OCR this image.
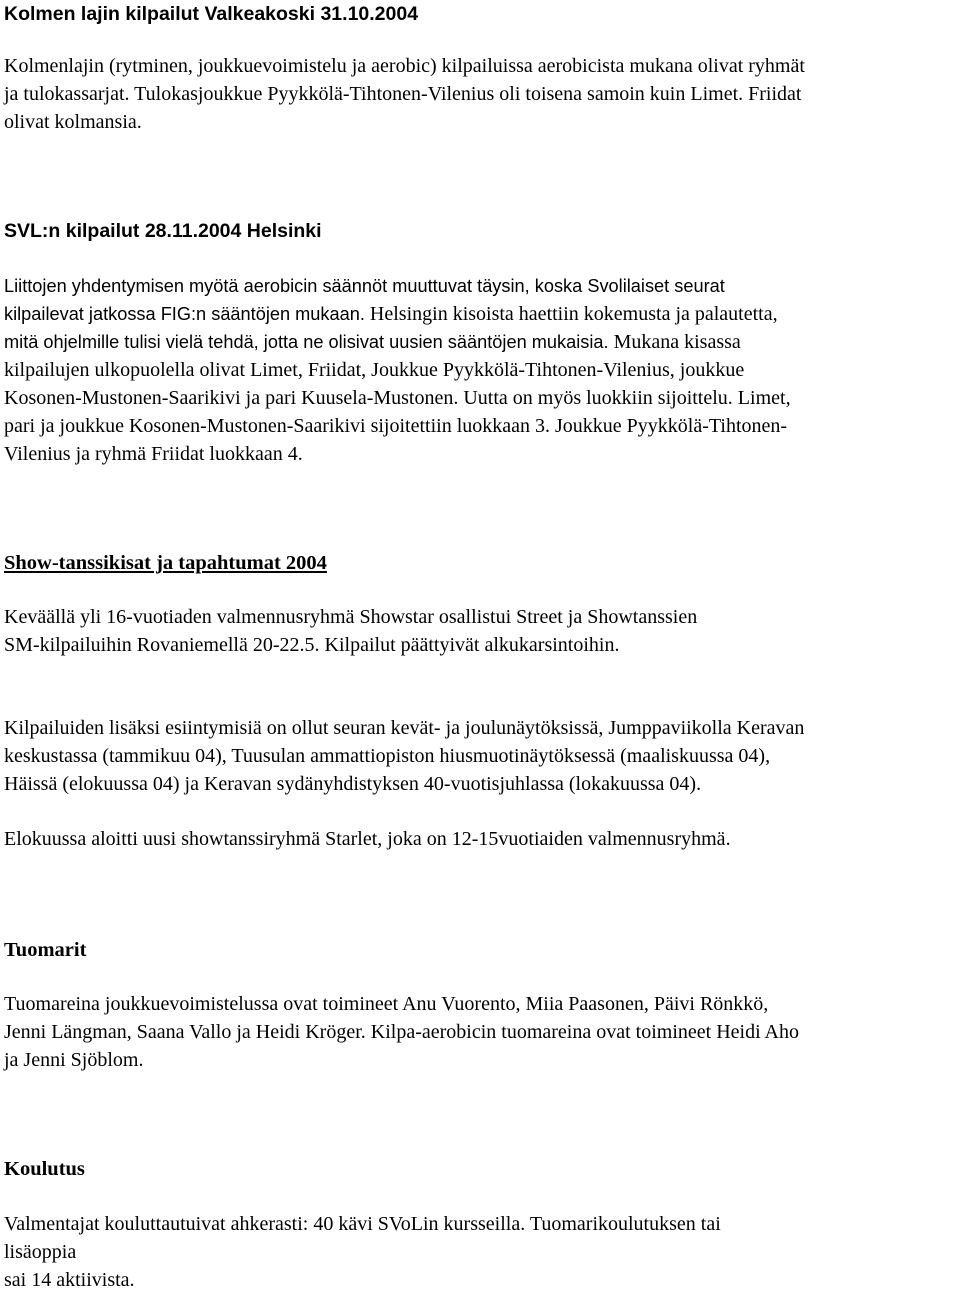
Kolmen lajin kilpailut Valkeakoski 31.10.2004
Kolmenlajin (rytminen, joukkuevoimistelu ja aerobic) kilpailuissa aerobicista mukana olivat ryhmät
ja tulokassarjat. Tulokasjoukkue Pyykkölä-Tihtonen-Vilenius oli toisena samoin kuin Limet. Friidat
olivat kolmansia.
SVL:n kilpailut 28.11.2004 Helsinki
Liittojen yhdentymisen myötä aerobicin säännöt muuttuvat täysin, koska Svolilaiset seurat
kilpailevat jatkossa FIG:n sääntöjen mukaan. Helsingin kisoista haettiin kokemusta ja palautetta,
mitä ohjelmille tulisi vielä tehdä, jotta ne olisivat uusien sääntöjen mukaisia. Mukana kisassa
kilpailujen ulkopuolella olivat Limet, Friidat, Joukkue Pyykkölä-Tihtonen-Vilenius, joukkue
Kosonen-Mustonen-Saarikivi ja pari Kuusela-Mustonen. Uutta on myös luokkiin sijoittelu. Limet,
pari ja joukkue Kosonen-Mustonen-Saarikivi sijoitettiin luokkaan 3. Joukkue Pyykkölä-Tihtonen-
Vilenius ja ryhmä Friidat luokkaan 4.
Show-tanssikisat ja tapahtumat 2004
Keväällä yli 16-vuotiaden valmennusryhmä Showstar osallistui Street ja Showtanssien
SM-kilpailuihin Rovaniemellä 20-22.5. Kilpailut päättyivät alkukarsintoihin.
Kilpailuiden lisäksi esiintymisiä on ollut seuran kevät- ja joulunäytöksissä, Jumppaviikolla Keravan
keskustassa (tammikuu 04), Tuusulan ammattiopiston hiusmuotinäytöksessä (maaliskuussa 04),
Häissä (elokuussa 04) ja Keravan sydänyhdistyksen 40-vuotisjuhlassa (lokakuussa 04).
Elokuussa aloitti uusi showtanssiryhmä Starlet, joka on 12-15vuotiaiden valmennusryhmä.
Tuomarit
Tuomareina joukkuevoimistelussa ovat toimineet Anu Vuorento, Miia Paasonen, Päivi Rönkkö,
Jenni Längman, Saana Vallo ja Heidi Kröger. Kilpa-aerobicin tuomareina ovat toimineet Heidi Aho
ja Jenni Sjöblom.
Koulutus
Valmentajat kouluttautuivat ahkerasti: 40 kävi SVoLin kursseilla. Tuomarikoulutuksen tai
lisäoppia
sai 14 aktiivista.
